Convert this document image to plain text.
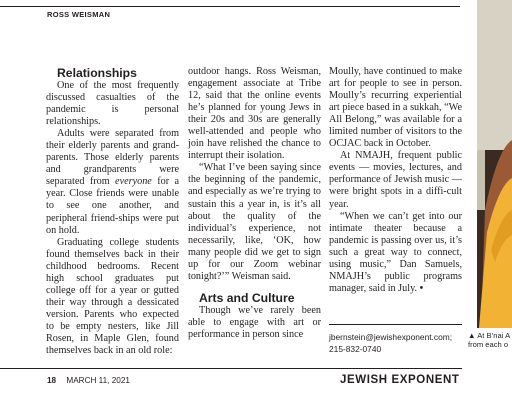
ROSS WEISMAN

Relationships

One of the most frequently discussed casualties of the pandemic is personal relationships.

Adults were separated from their elderly parents and grand-parents. Those elderly parents and grandparents were separated from everyone for a year. Close friends were unable to see one another, and peripheral friend-ships were put on hold.

Graduating college students found themselves back in their childhood bedrooms. Recent high school graduates put college off for a year or gutted their way through a dessicated version. Parents who expected to be empty nesters, like Jill Rosen, in Maple Glen, found themselves back in an old role:

outdoor hangs. Ross Weisman, engagement associate at Tribe 12, said that the online events he’s planned for young Jews in their 20s and 30s are generally well-attended and people who join have relished the chance to interrupt their isolation.

“What I’ve been saying since the beginning of the pandemic, and especially as we’re trying to sustain this a year in, is it’s all about the quality of the individual’s experience, not necessarily, like, ‘OK, how many people did we get to sign up for our Zoom webinar tonight?’” Weisman said.

Arts and Culture

Though we’ve rarely been able to engage with art or performance in person since

Moully, have continued to make art for people to see in person. Moully’s recurring experiential art piece based in a sukkah, “We All Belong,” was available for a limited number of visitors to the OCJAC back in October.

At NMAJH, frequent public events — movies, lectures, and performance of Jewish music — were bright spots in a diffi-cult year.

“When we can’t get into our intimate theater because a pandemic is passing over us, it’s such a great way to connect, using music,” Dan Samuels, NMAJH’s public programs manager, said in July. •

jbernstein@jewishexponent.com;
215-832-0740
▲ At B’nai A
from each o
18 MARCH 11, 2021	JEWISH EXPONENT
